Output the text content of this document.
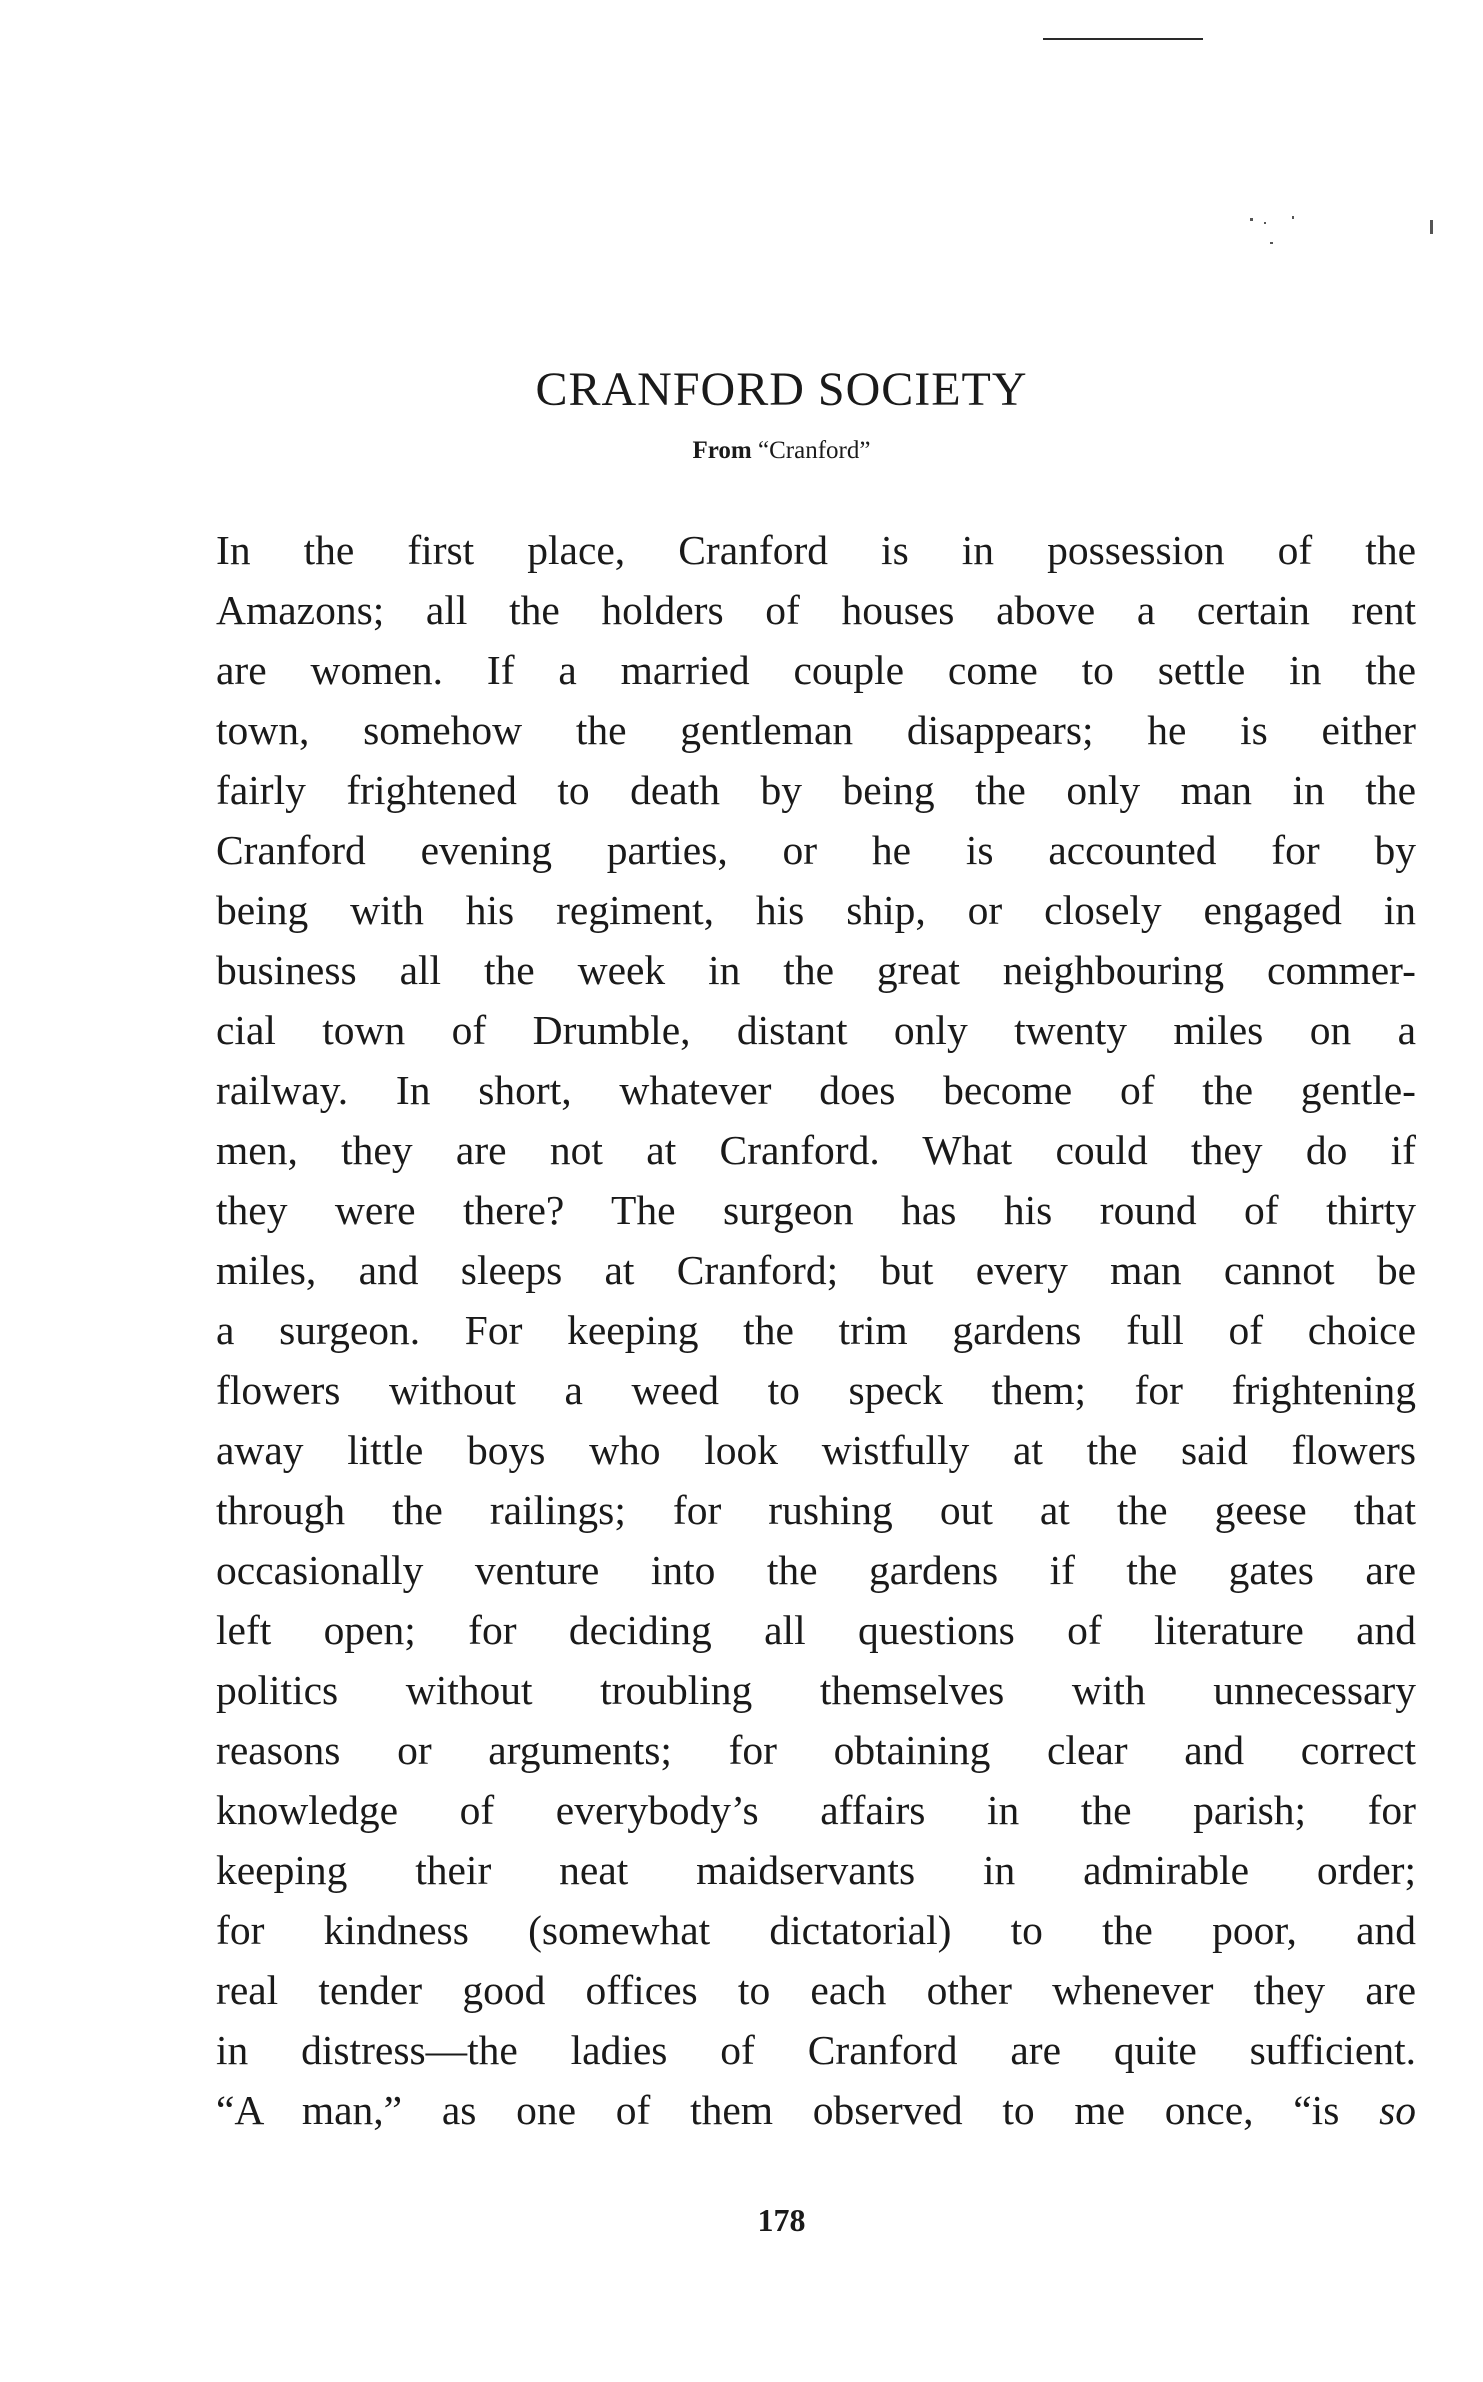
CRANFORD SOCIETY
From “Cranford”
In the first place, Cranford is in possession of the
Amazons; all the holders of houses above a certain rent
are women. If a married couple come to settle in the
town, somehow the gentleman disappears; he is either
fairly frightened to death by being the only man in the
Cranford evening parties, or he is accounted for by
being with his regiment, his ship, or closely engaged in
business all the week in the great neighbouring commer-
cial town of Drumble, distant only twenty miles on a
railway. In short, whatever does become of the gentle-
men, they are not at Cranford. What could they do if
they were there? The surgeon has his round of thirty
miles, and sleeps at Cranford; but every man cannot be
a surgeon. For keeping the trim gardens full of choice
flowers without a weed to speck them; for frightening
away little boys who look wistfully at the said flowers
through the railings; for rushing out at the geese that
occasionally venture into the gardens if the gates are
left open; for deciding all questions of literature and
politics without troubling themselves with unnecessary
reasons or arguments; for obtaining clear and correct
knowledge of everybody’s affairs in the parish; for
keeping their neat maidservants in admirable order;
for kindness (somewhat dictatorial) to the poor, and
real tender good offices to each other whenever they are
in distress—the ladies of Cranford are quite sufficient.
“A man,” as one of them observed to me once, “is so
178
